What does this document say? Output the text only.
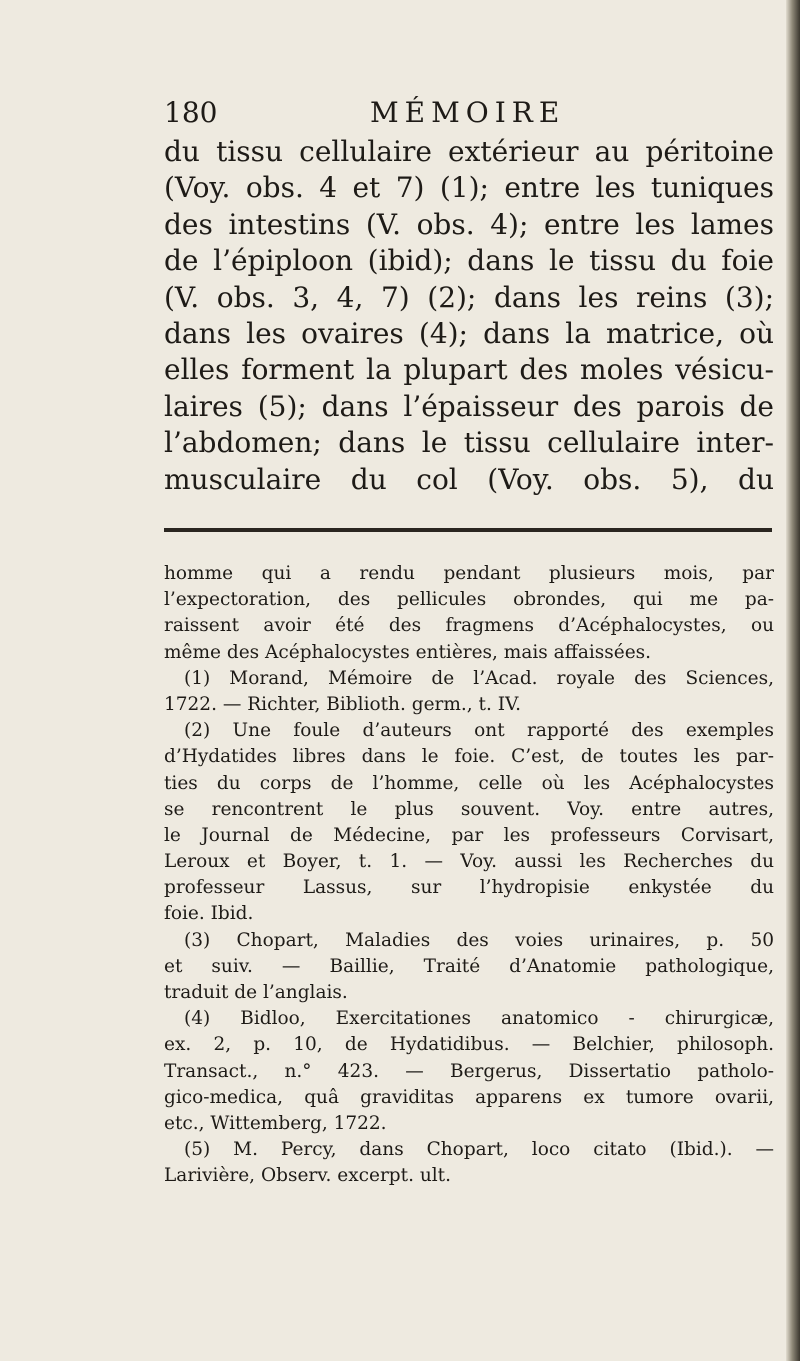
180	MÉMOIRE
du tissu cellulaire extérieur au péritoine
(Voy. obs. 4 et 7) (1); entre les tuniques
des intestins (V. obs. 4); entre les lames
de l’épiploon (ibid); dans le tissu du foie
(V. obs. 3, 4, 7) (2); dans les reins (3);
dans les ovaires (4); dans la matrice, où
elles forment la plupart des moles vésicu-
laires (5); dans l’épaisseur des parois de
l’abdomen; dans le tissu cellulaire inter-
musculaire du col (Voy. obs. 5), du
homme qui a rendu pendant plusieurs mois, par
l’expectoration, des pellicules obrondes, qui me pa-
raissent avoir été des fragmens d’Acéphalocystes, ou
même des Acéphalocystes entières, mais affaissées.
(1) Morand, Mémoire de l’Acad. royale des Sciences,
1722. — Richter, Biblioth. germ., t. IV.
(2) Une foule d’auteurs ont rapporté des exemples
d’Hydatides libres dans le foie. C’est, de toutes les par-
ties du corps de l’homme, celle où les Acéphalocystes
se rencontrent le plus souvent. Voy. entre autres,
le Journal de Médecine, par les professeurs Corvisart,
Leroux et Boyer, t. 1. — Voy. aussi les Recherches du
professeur Lassus, sur l’hydropisie enkystée du
foie. Ibid.
(3) Chopart, Maladies des voies urinaires, p. 50
et suiv. — Baillie, Traité d’Anatomie pathologique,
traduit de l’anglais.
(4) Bidloo, Exercitationes anatomico - chirurgicæ,
ex. 2, p. 10, de Hydatidibus. — Belchier, philosoph.
Transact., n.° 423. — Bergerus, Dissertatio patholo-
gico-medica, quâ graviditas apparens ex tumore ovarii,
etc., Wittemberg, 1722.
(5) M. Percy, dans Chopart, loco citato (Ibid.). —
Larivière, Observ. excerpt. ult.
